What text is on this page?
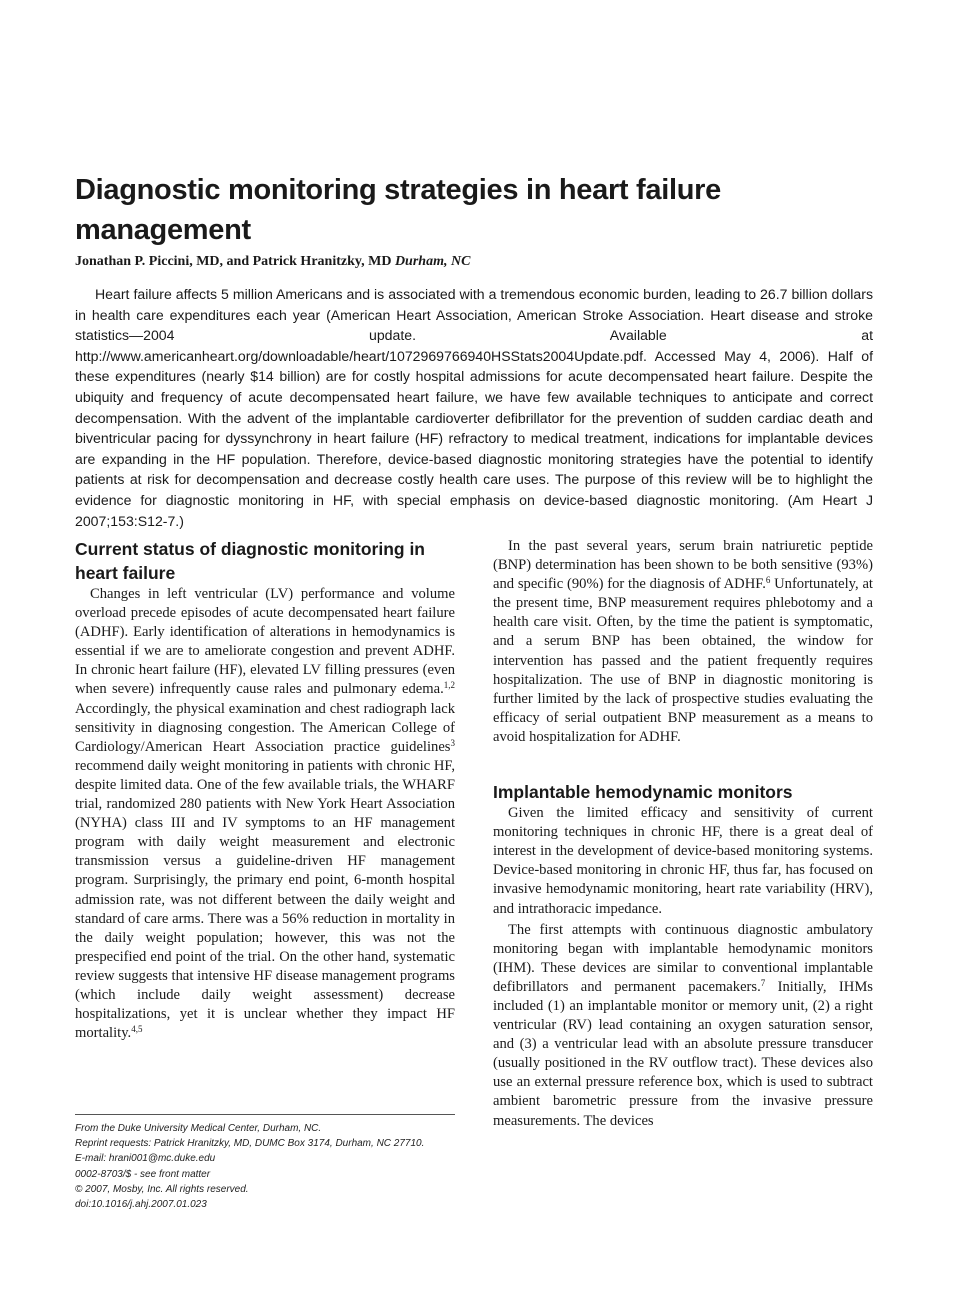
Diagnostic monitoring strategies in heart failure management
Jonathan P. Piccini, MD, and Patrick Hranitzky, MD Durham, NC

Heart failure affects 5 million Americans and is associated with a tremendous economic burden, leading to 26.7 billion dollars in health care expenditures each year (American Heart Association, American Stroke Association. Heart disease and stroke statistics—2004 update. Available at http://www.americanheart.org/downloadable/heart/1072969766940HSStats2004Update.pdf. Accessed May 4, 2006). Half of these expenditures (nearly $14 billion) are for costly hospital admissions for acute decompensated heart failure. Despite the ubiquity and frequency of acute decompensated heart failure, we have few available techniques to anticipate and correct decompensation. With the advent of the implantable cardioverter defibrillator for the prevention of sudden cardiac death and biventricular pacing for dyssynchrony in heart failure (HF) refractory to medical treatment, indications for implantable devices are expanding in the HF population. Therefore, device-based diagnostic monitoring strategies have the potential to identify patients at risk for decompensation and decrease costly health care uses. The purpose of this review will be to highlight the evidence for diagnostic monitoring in HF, with special emphasis on device-based diagnostic monitoring. (Am Heart J 2007;153:S12-7.)

Current status of diagnostic monitoring in heart failure

Changes in left ventricular (LV) performance and volume overload precede episodes of acute decompensated heart failure (ADHF). Early identification of alterations in hemodynamics is essential if we are to ameliorate congestion and prevent ADHF. In chronic heart failure (HF), elevated LV filling pressures (even when severe) infrequently cause rales and pulmonary edema.$^{1,2}$ Accordingly, the physical examination and chest radiograph lack sensitivity in diagnosing congestion. The American College of Cardiology/American Heart Association practice guidelines$^3$ recommend daily weight monitoring in patients with chronic HF, despite limited data. One of the few available trials, the WHARF trial, randomized 280 patients with New York Heart Association (NYHA) class III and IV symptoms to an HF management program with daily weight measurement and electronic transmission versus a guideline-driven HF management program. Surprisingly, the primary end point, 6-month hospital admission rate, was not different between the daily weight and standard of care arms. There was a 56% reduction in mortality in the daily weight population; however, this was not the prespecified end point of the trial. On the other hand, systematic review suggests that intensive HF disease management programs (which include daily weight assessment) decrease hospitalizations, yet it is unclear whether they impact HF mortality.$^{4,5}$

In the past several years, serum brain natriuretic peptide (BNP) determination has been shown to be both sensitive (93%) and specific (90%) for the diagnosis of ADHF.$^6$ Unfortunately, at the present time, BNP measurement requires phlebotomy and a health care visit. Often, by the time the patient is symptomatic, and a serum BNP has been obtained, the window for intervention has passed and the patient frequently requires hospitalization. The use of BNP in diagnostic monitoring is further limited by the lack of prospective studies evaluating the efficacy of serial outpatient BNP measurement as a means to avoid hospitalization for ADHF.

Implantable hemodynamic monitors

Given the limited efficacy and sensitivity of current monitoring techniques in chronic HF, there is a great deal of interest in the development of device-based monitoring systems. Device-based monitoring in chronic HF, thus far, has focused on invasive hemodynamic monitoring, heart rate variability (HRV), and intrathoracic impedance.

The first attempts with continuous diagnostic ambulatory monitoring began with implantable hemodynamic monitors (IHM). These devices are similar to conventional implantable defibrillators and permanent pacemakers.$^7$ Initially, IHMs included (1) an implantable monitor or memory unit, (2) a right ventricular (RV) lead containing an oxygen saturation sensor, and (3) a ventricular lead with an absolute pressure transducer (usually positioned in the RV outflow tract). These devices also use an external pressure reference box, which is used to subtract ambient barometric pressure from the invasive pressure measurements. The devices

From the Duke University Medical Center, Durham, NC.
Reprint requests: Patrick Hranitzky, MD, DUMC Box 3174, Durham, NC 27710.
E-mail: hrani001@mc.duke.edu
0002-8703/$ - see front matter
© 2007, Mosby, Inc. All rights reserved.
doi:10.1016/j.ahj.2007.01.023
